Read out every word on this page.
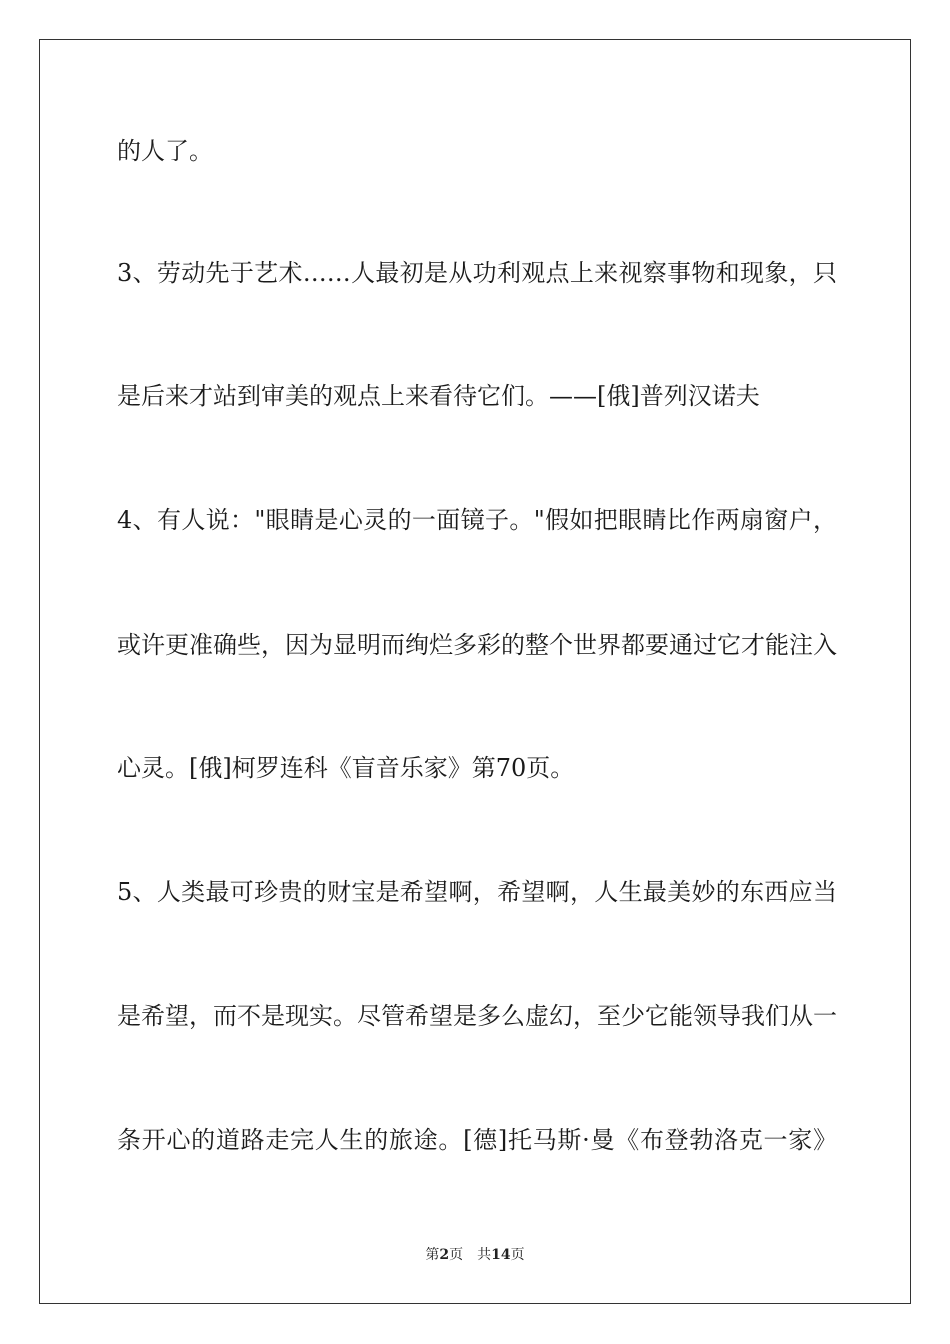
的人了。
3、劳动先于艺术……人最初是从功利观点上来视察事物和现象，只
是后来才站到审美的观点上来看待它们。——[俄]普列汉诺夫
4、有人说："眼睛是心灵的一面镜子。"假如把眼睛比作两扇窗户，
或许更准确些，因为显明而绚烂多彩的整个世界都要通过它才能注入
心灵。[俄]柯罗连科《盲音乐家》第70页。
5、人类最可珍贵的财宝是希望啊，希望啊，人生最美妙的东西应当
是希望，而不是现实。尽管希望是多么虚幻，至少它能领导我们从一
条开心的道路走完人生的旅途。[德]托马斯·曼《布登勃洛克一家》
第2页 共14页
